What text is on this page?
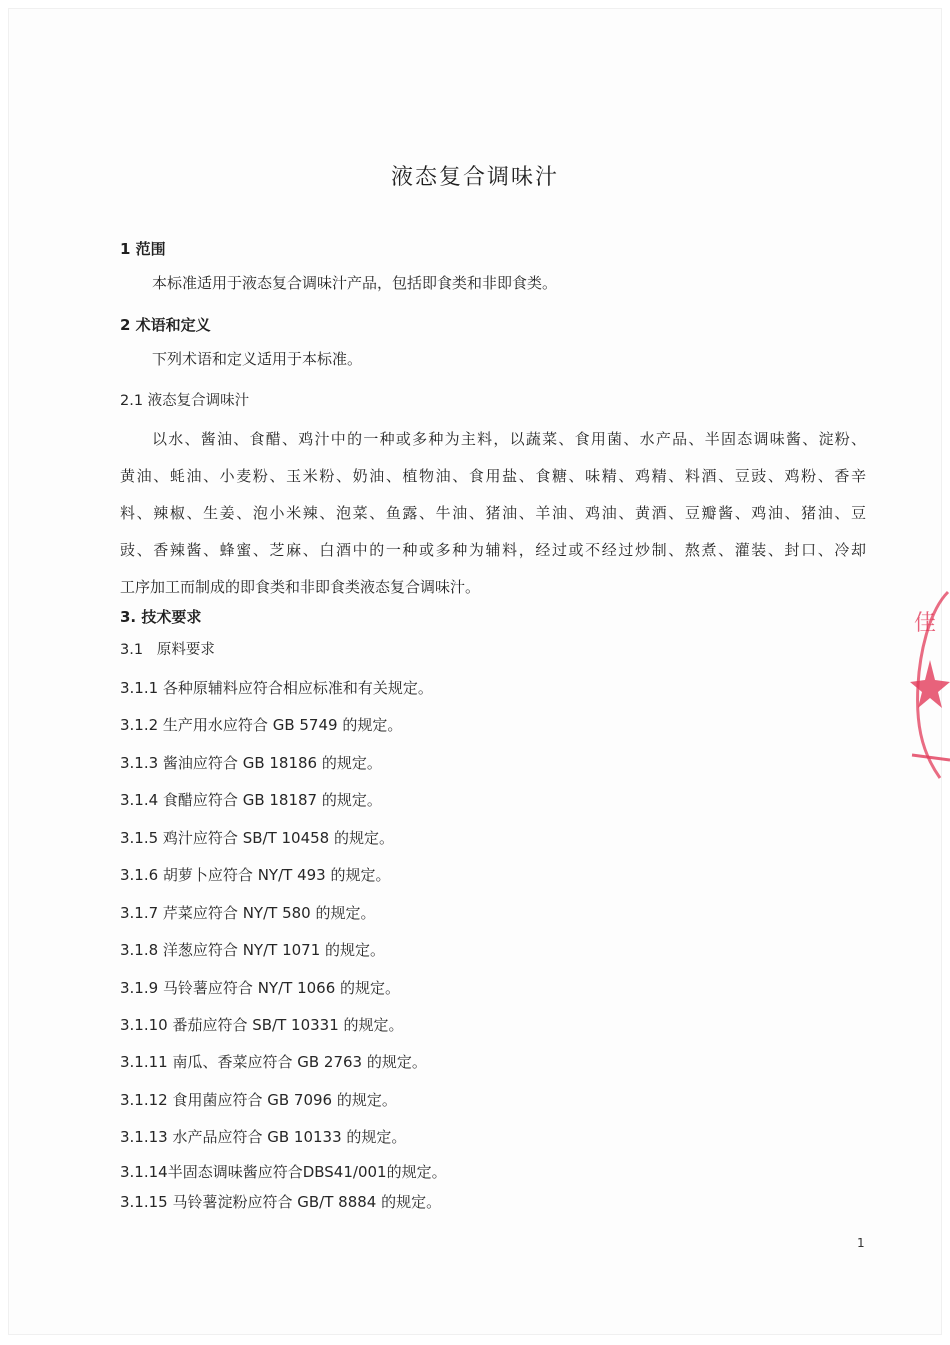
液态复合调味汁
1 范围
本标准适用于液态复合调味汁产品，包括即食类和非即食类。
2 术语和定义
下列术语和定义适用于本标准。
2.1 液态复合调味汁
以水、酱油、食醋、鸡汁中的一种或多种为主料，以蔬菜、食用菌、水产品、半固态调味酱、淀粉、
黄油、蚝油、小麦粉、玉米粉、奶油、植物油、食用盐、食糖、味精、鸡精、料酒、豆豉、鸡粉、香辛
料、辣椒、生姜、泡小米辣、泡菜、鱼露、牛油、猪油、羊油、鸡油、黄酒、豆瓣酱、鸡油、猪油、豆
豉、香辣酱、蜂蜜、芝麻、白酒中的一种或多种为辅料，经过或不经过炒制、熬煮、灌装、封口、冷却
工序加工而制成的即食类和非即食类液态复合调味汁。
3. 技术要求
3.1   原料要求
3.1.1 各种原辅料应符合相应标准和有关规定。
3.1.2 生产用水应符合 GB 5749 的规定。
3.1.3 酱油应符合 GB 18186 的规定。
3.1.4 食醋应符合 GB 18187 的规定。
3.1.5 鸡汁应符合 SB/T 10458 的规定。
3.1.6 胡萝卜应符合 NY/T 493 的规定。
3.1.7 芹菜应符合 NY/T 580 的规定。
3.1.8 洋葱应符合 NY/T 1071 的规定。
3.1.9 马铃薯应符合 NY/T 1066 的规定。
3.1.10 番茄应符合 SB/T 10331 的规定。
3.1.11 南瓜、香菜应符合 GB 2763 的规定。
3.1.12 食用菌应符合 GB 7096 的规定。
3.1.13 水产品应符合 GB 10133 的规定。
3.1.14半固态调味酱应符合DBS41/001的规定。
3.1.15 马铃薯淀粉应符合 GB/T 8884 的规定。
1
佳
